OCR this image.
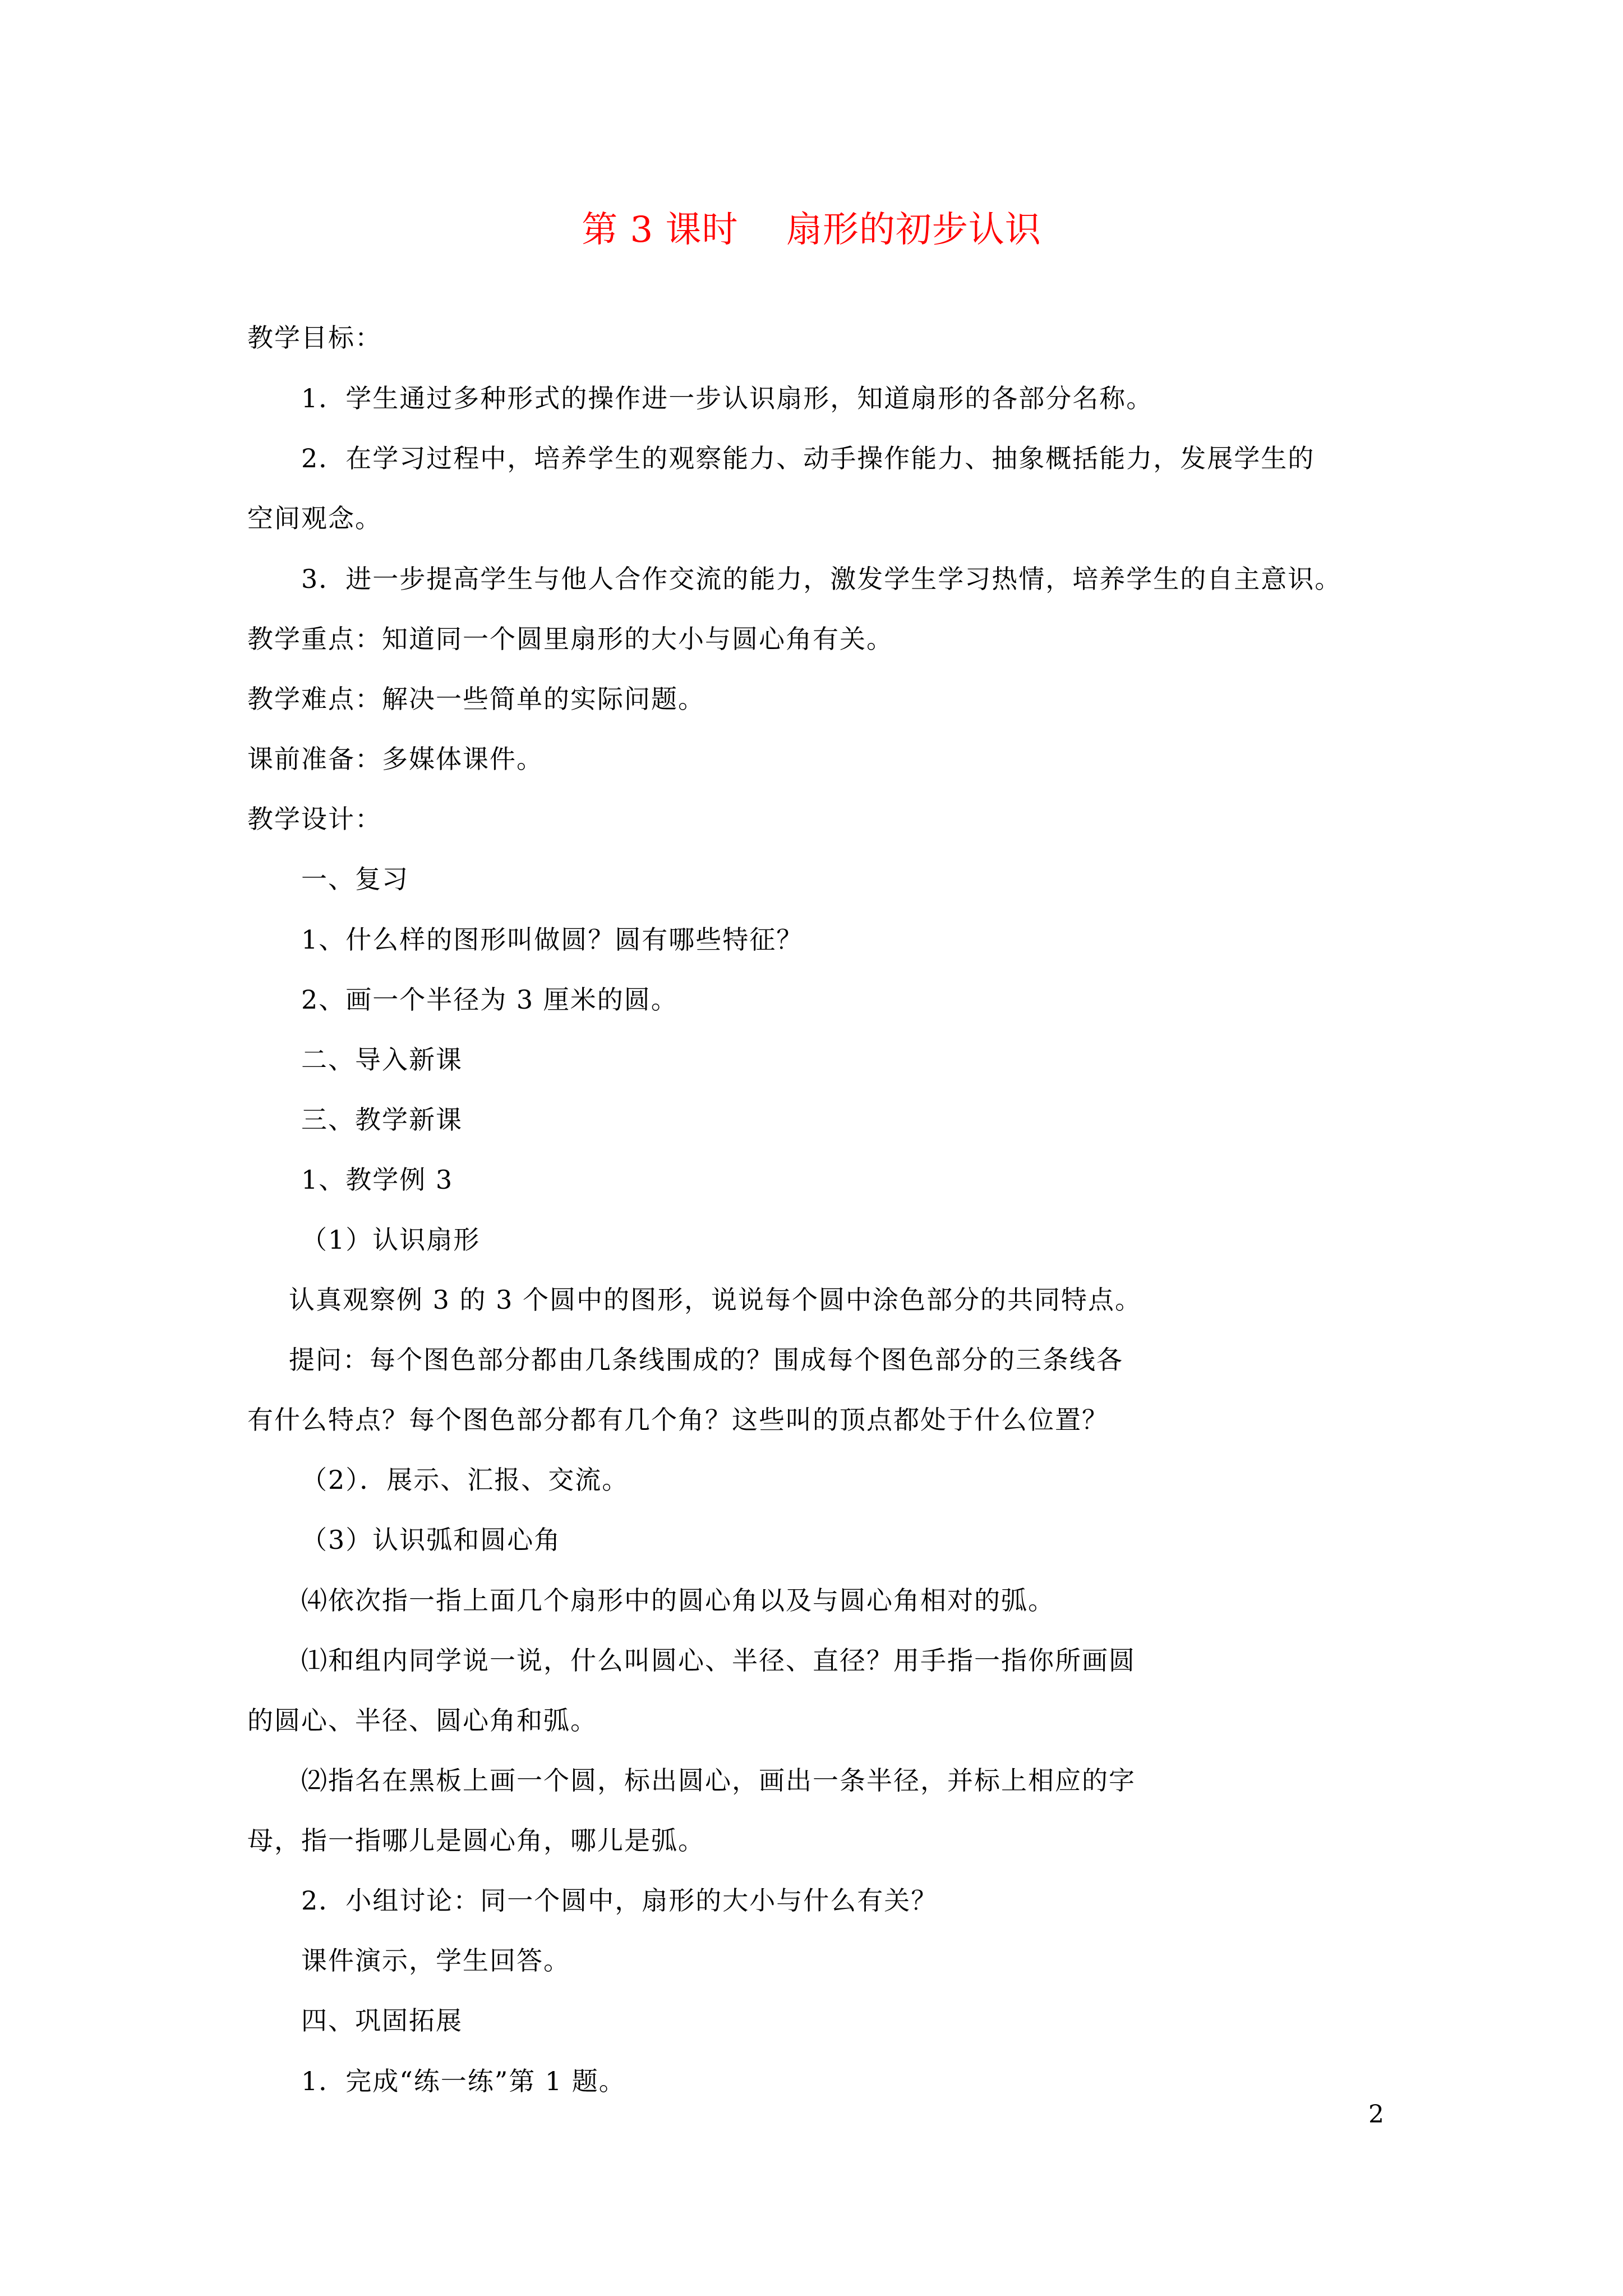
第 3 课时    扇形的初步认识
教学目标：
1．学生通过多种形式的操作进一步认识扇形，知道扇形的各部分名称。
2．在学习过程中，培养学生的观察能力、动手操作能力、抽象概括能力，发展学生的
空间观念。
3．进一步提高学生与他人合作交流的能力，激发学生学习热情，培养学生的自主意识。
教学重点：知道同一个圆里扇形的大小与圆心角有关。
教学难点：解决一些简单的实际问题。
课前准备：多媒体课件。
教学设计：
一、复习
1、什么样的图形叫做圆？圆有哪些特征？
2、画一个半径为 3 厘米的圆。
二、导入新课
三、教学新课
1、教学例 3
（1）认识扇形
认真观察例 3 的 3 个圆中的图形，说说每个圆中涂色部分的共同特点。
提问：每个图色部分都由几条线围成的？围成每个图色部分的三条线各
有什么特点？每个图色部分都有几个角？这些叫的顶点都处于什么位置？
（2）．展示、汇报、交流。
（3）认识弧和圆心角
⑷依次指一指上面几个扇形中的圆心角以及与圆心角相对的弧。
⑴和组内同学说一说，什么叫圆心、半径、直径？用手指一指你所画圆
的圆心、半径、圆心角和弧。
⑵指名在黑板上画一个圆，标出圆心，画出一条半径，并标上相应的字
母，指一指哪儿是圆心角，哪儿是弧。
2．小组讨论：同一个圆中，扇形的大小与什么有关？
课件演示，学生回答。
四、巩固拓展
1．完成“练一练”第 1 题。
2
